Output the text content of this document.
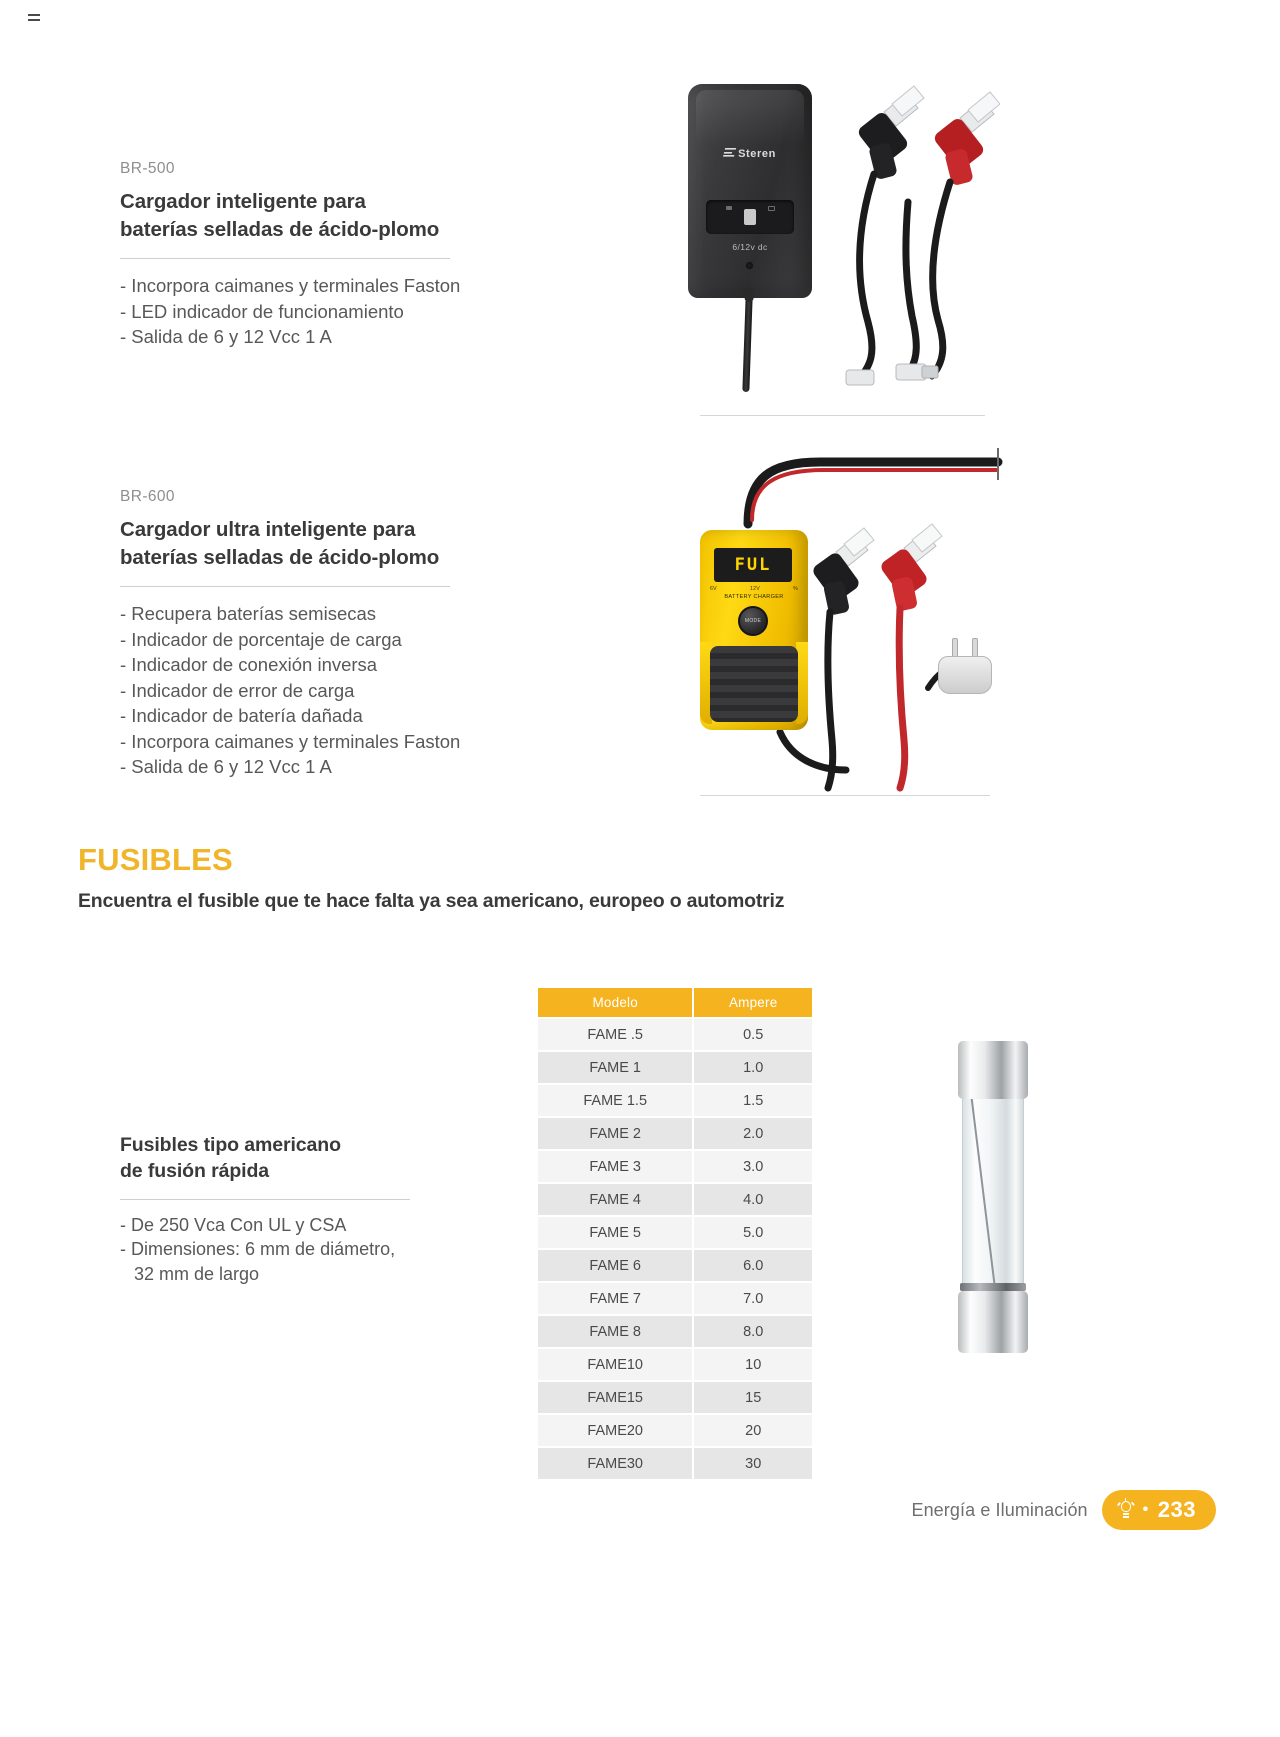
BR-500
Cargador inteligente para
baterías selladas de ácido-plomo
- Incorpora caimanes y terminales Faston
- LED indicador de funcionamiento
- Salida de 6 y 12 Vcc 1 A
Steren
6/12v dc
BR-600
Cargador ultra inteligente para
baterías selladas de ácido-plomo
- Recupera baterías semisecas
- Indicador de porcentaje de carga
- Indicador de conexión inversa
- Indicador de error de carga
- Indicador de batería dañada
- Incorpora caimanes y terminales Faston
- Salida de 6 y 12 Vcc 1 A
FUL
6V	12V	%
BATTERY CHARGER
MODE
FUSIBLES
Encuentra el fusible que te hace falta ya sea americano, europeo o automotriz
Fusibles tipo americano
de fusión rápida
- De 250 Vca Con UL y CSA
- Dimensiones: 6 mm de diámetro,
32 mm de largo
Modelo	Ampere
FAME .5	0.5
FAME 1	1.0
FAME 1.5	1.5
FAME 2	2.0
FAME 3	3.0
FAME 4	4.0
FAME 5	5.0
FAME 6	6.0
FAME 7	7.0
FAME 8	8.0
FAME10	10
FAME15	15
FAME20	20
FAME30	30
Energía e Iluminación	• 233
